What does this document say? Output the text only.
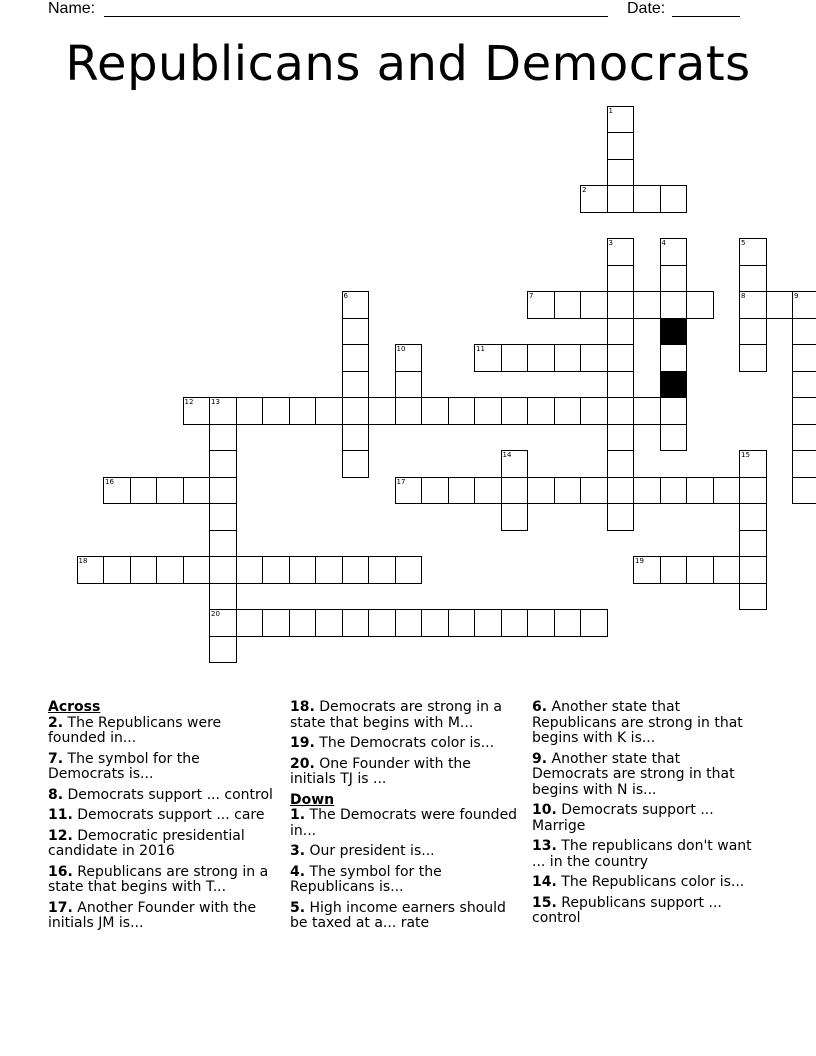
Name:	Date:
Republicans and Democrats
1
2
3	4	5
8
6	7	9
10	11
12	13
20
14	15
16	17
18	19
Across
2. The Republicans were founded in...
7. The symbol for the Democrats is...
8. Democrats support ... control
11. Democrats support ... care
12. Democratic presidential candidate in 2016
16. Republicans are strong in a state that begins with T...
17. Another Founder with the initials JM is...
18. Democrats are strong in a state that begins with M...
19. The Democrats color is...
20. One Founder with the initials TJ is ...
Down
1. The Democrats were founded in...
3. Our president is...
4. The symbol for the Republicans is...
5. High income earners should be taxed at a... rate
6. Another state that Republicans are strong in that begins with K is...
9. Another state that Democrats are strong in that begins with N is...
10. Democrats support ... Marrige
13. The republicans don't want ... in the country
14. The Republicans color is...
15. Republicans support ... control
